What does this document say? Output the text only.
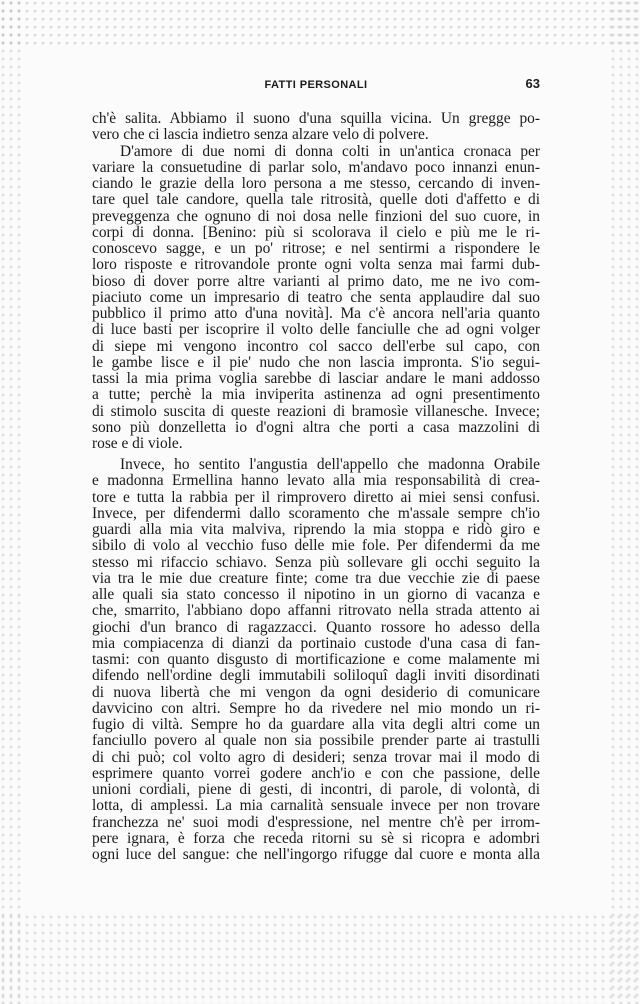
FATTI PERSONALI	63
ch'è salita. Abbiamo il suono d'una squilla vicina. Un gregge po-
vero che ci lascia indietro senza alzare velo di polvere.
D'amore di due nomi di donna colti in un'antica cronaca per
variare la consuetudine di parlar solo, m'andavo poco innanzi enun-
ciando le grazie della loro persona a me stesso, cercando di inven-
tare quel tale candore, quella tale ritrosità, quelle doti d'affetto e di
preveggenza che ognuno di noi dosa nelle finzioni del suo cuore, in
corpi di donna. [Benino: più si scolorava il cielo e più me le ri-
conoscevo sagge, e un po' ritrose; e nel sentirmi a rispondere le
loro risposte e ritrovandole pronte ogni volta senza mai farmi dub-
bioso di dover porre altre varianti al primo dato, me ne ivo com-
piaciuto come un impresario di teatro che senta applaudire dal suo
pubblico il primo atto d'una novità]. Ma c'è ancora nell'aria quanto
di luce basti per iscoprire il volto delle fanciulle che ad ogni volger
di siepe mi vengono incontro col sacco dell'erbe sul capo, con
le gambe lisce e il pie' nudo che non lascia impronta. S'io segui-
tassi la mia prima voglia sarebbe di lasciar andare le mani addosso
a tutte; perchè la mia inviperita astinenza ad ogni presentimento
di stimolo suscita di queste reazioni di bramosìe villanesche. Invece;
sono più donzelletta io d'ogni altra che porti a casa mazzolini di
rose e di viole.
Invece, ho sentito l'angustia dell'appello che madonna Orabile
e madonna Ermellina hanno levato alla mia responsabilità di crea-
tore e tutta la rabbia per il rimprovero diretto ai miei sensi confusi.
Invece, per difendermi dallo scoramento che m'assale sempre ch'io
guardi alla mia vita malviva, riprendo la mia stoppa e ridò giro e
sibilo di volo al vecchio fuso delle mie fole. Per difendermi da me
stesso mi rifaccio schiavo. Senza più sollevare gli occhi seguito la
via tra le mie due creature finte; come tra due vecchie zie di paese
alle quali sia stato concesso il nipotino in un giorno di vacanza e
che, smarrito, l'abbiano dopo affanni ritrovato nella strada attento ai
giochi d'un branco di ragazzacci. Quanto rossore ho adesso della
mia compiacenza di dianzi da portinaio custode d'una casa di fan-
tasmi: con quanto disgusto di mortificazione e come malamente mi
difendo nell'ordine degli immutabili soliloquî dagli inviti disordinati
di nuova libertà che mi vengon da ogni desiderio di comunicare
davvicino con altri. Sempre ho da rivedere nel mio mondo un ri-
fugio di viltà. Sempre ho da guardare alla vita degli altri come un
fanciullo povero al quale non sia possibile prender parte ai trastulli
di chi può; col volto agro di desideri; senza trovar mai il modo di
esprimere quanto vorrei godere anch'io e con che passione, delle
unioni cordiali, piene di gesti, di incontri, di parole, di volontà, di
lotta, di amplessi. La mia carnalità sensuale invece per non trovare
franchezza ne' suoi modi d'espressione, nel mentre ch'è per irrom-
pere ignara, è forza che receda ritorni su sè si ricopra e adombri
ogni luce del sangue: che nell'ingorgo rifugge dal cuore e monta alla
